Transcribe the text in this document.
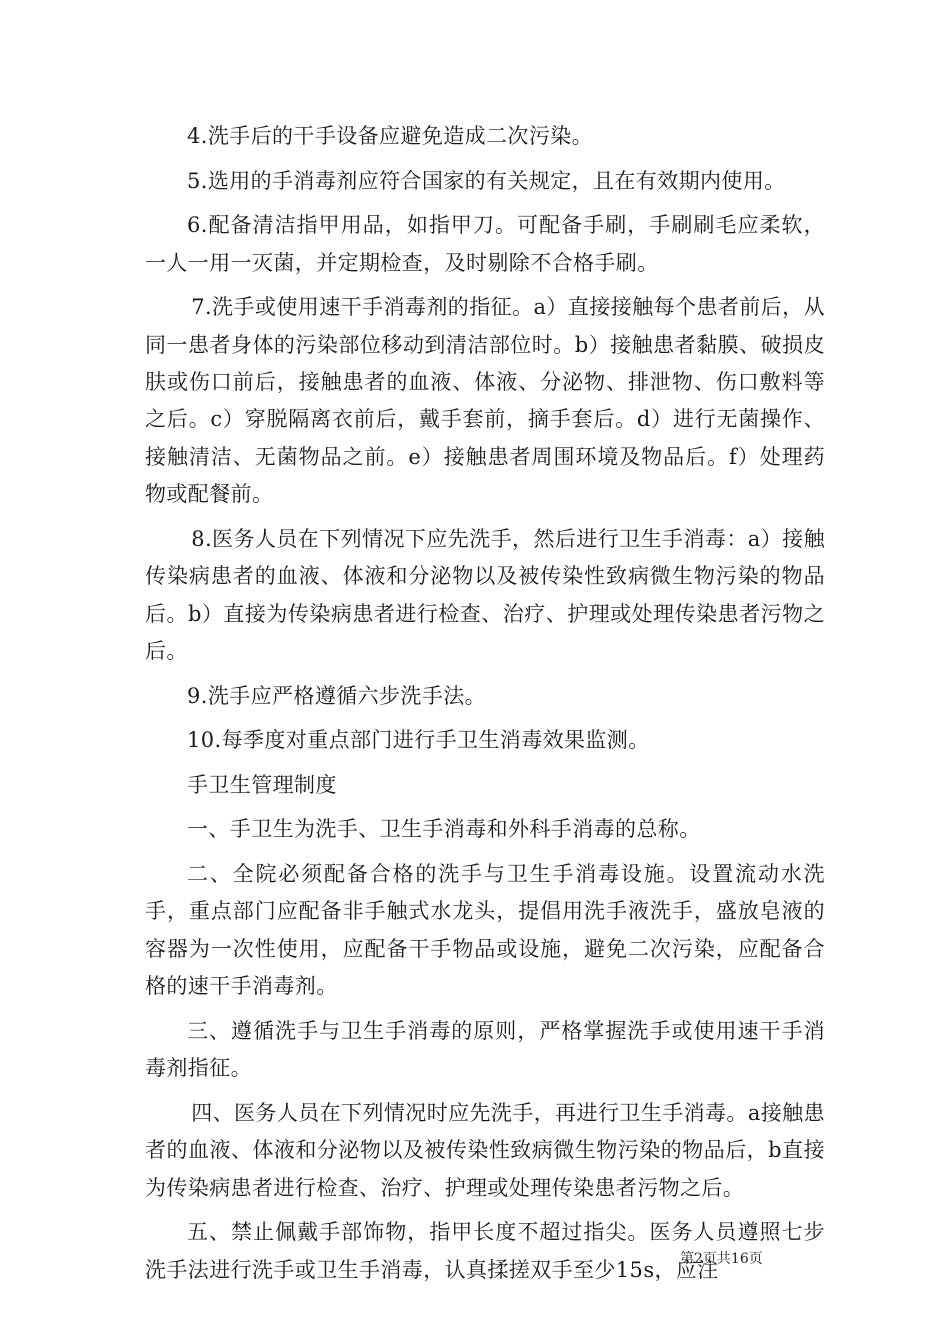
4.洗手后的干手设备应避免造成二次污染。

5.选用的手消毒剂应符合国家的有关规定，且在有效期内使用。

6.配备清洁指甲用品，如指甲刀。可配备手刷，手刷刷毛应柔软，一人一用一灭菌，并定期检查，及时剔除不合格手刷。

7.洗手或使用速干手消毒剂的指征。a）直接接触每个患者前后，从同一患者身体的污染部位移动到清洁部位时。b）接触患者黏膜、破损皮肤或伤口前后，接触患者的血液、体液、分泌物、排泄物、伤口敷料等之后。c）穿脱隔离衣前后，戴手套前，摘手套后。d）进行无菌操作、接触清洁、无菌物品之前。e）接触患者周围环境及物品后。f）处理药物或配餐前。

8.医务人员在下列情况下应先洗手，然后进行卫生手消毒：a）接触传染病患者的血液、体液和分泌物以及被传染性致病微生物污染的物品后。b）直接为传染病患者进行检查、治疗、护理或处理传染患者污物之后。

9.洗手应严格遵循六步洗手法。

10.每季度对重点部门进行手卫生消毒效果监测。

手卫生管理制度

一、手卫生为洗手、卫生手消毒和外科手消毒的总称。

二、全院必须配备合格的洗手与卫生手消毒设施。设置流动水洗手，重点部门应配备非手触式水龙头，提倡用洗手液洗手，盛放皂液的容器为一次性使用，应配备干手物品或设施，避免二次污染，应配备合格的速干手消毒剂。

三、遵循洗手与卫生手消毒的原则，严格掌握洗手或使用速干手消毒剂指征。

四、医务人员在下列情况时应先洗手，再进行卫生手消毒。a接触患者的血液、体液和分泌物以及被传染性致病微生物污染的物品后，b直接为传染病患者进行检查、治疗、护理或处理传染患者污物之后。

五、禁止佩戴手部饰物，指甲长度不超过指尖。医务人员遵照七步洗手法进行洗手或卫生手消毒，认真揉搓双手至少15s，应注

第2页共16页
